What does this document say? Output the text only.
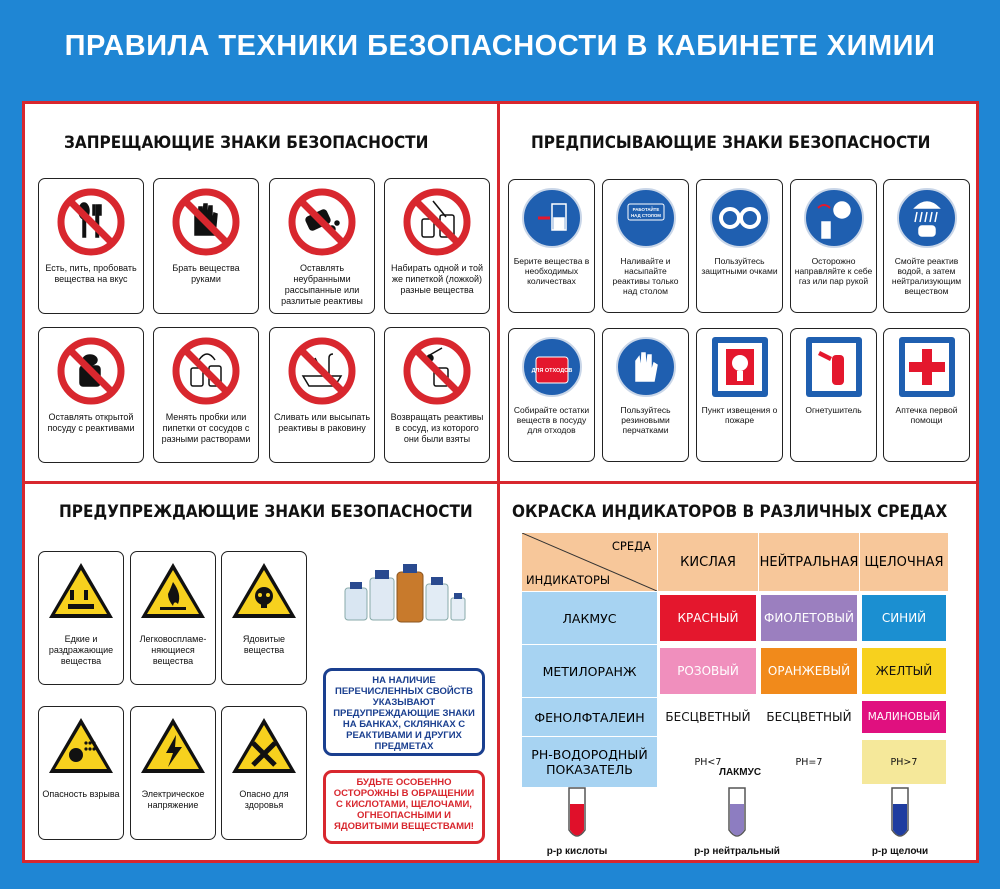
ПРАВИЛА ТЕХНИКИ БЕЗОПАСНОСТИ В КАБИНЕТЕ ХИМИИ
ЗАПРЕЩАЮЩИЕ ЗНАКИ БЕЗОПАСНОСТИ	ПРЕДПИСЫВАЮЩИЕ ЗНАКИ БЕЗОПАСНОСТИ
ПРЕДУПРЕЖДАЮЩИЕ ЗНАКИ БЕЗОПАСНОСТИ ОКРАСКА ИНДИКАТОРОВ В РАЗЛИЧНЫХ СРЕДАХ
Есть, пить, пробовать вещества на вкус
Брать вещества руками
Оставлять неубранными рассыпанные или разлитые реактивы
Набирать одной и той же пипеткой (ложкой) разные вещества
Оставлять открытой посуду с реактивами
Менять пробки или пипетки от сосудов с разными растворами
Сливать или высыпать реактивы в раковину
Возвращать реактивы в сосуд, из которого они были взяты
Берите вещества в необходимых количествах
РАБОТАЙТЕ
НАД СТОЛОМ
Наливайте и насыпайте реактивы только над столом
Пользуйтесь защитными очками
Осторожно направляйте к себе газ или пар рукой
Смойте реактив водой, а затем нейтрализующим веществом
ДЛЯ ОТХОДОВ
Собирайте остатки веществ в посуду для отходов
Пользуйтесь резиновыми перчатками
Пункт извещения о пожаре
Огнетушитель	Аптечка первой помощи
Едкие и раздражающие вещества
Легковоспламе-няющиеся вещества
Ядовитые вещества
Опасность взрыва	Электрическое напряжение
Опасно для здоровья
НА НАЛИЧИЕ ПЕРЕЧИСЛЕННЫХ СВОЙСТВ УКАЗЫВАЮТ ПРЕДУПРЕЖДАЮЩИЕ ЗНАКИ НА БАНКАХ, СКЛЯНКАХ С РЕАКТИВАМИ И ДРУГИХ ПРЕДМЕТАХ
БУДЬТЕ ОСОБЕННО ОСТОРОЖНЫ В ОБРАЩЕНИИ С КИСЛОТАМИ, ЩЕЛОЧАМИ, ОГНЕОПАСНЫМИ И ЯДОВИТЫМИ ВЕЩЕСТВАМИ!
СРЕДА
ИНДИКАТОРЫ	КИСЛАЯ	НЕЙТРАЛЬНАЯ	ЩЕЛОЧНАЯ
ЛАКМУС	КРАСНЫЙ	ФИОЛЕТОВЫЙ	СИНИЙ

МЕТИЛОРАНЖ	РОЗОВЫЙ	ОРАНЖЕВЫЙ	ЖЕЛТЫЙ

ФЕНОЛФТАЛЕИН	БЕСЦВЕТНЫЙ	БЕСЦВЕТНЫЙ	МАЛИНОВЫЙ

РН-ВОДОРОДНЫЙ ПОКАЗАТЕЛЬ	РН<7	РН=7	РН>7
ЛАКМУС
р-р кислоты	р-р нейтральный	р-р щелочи
